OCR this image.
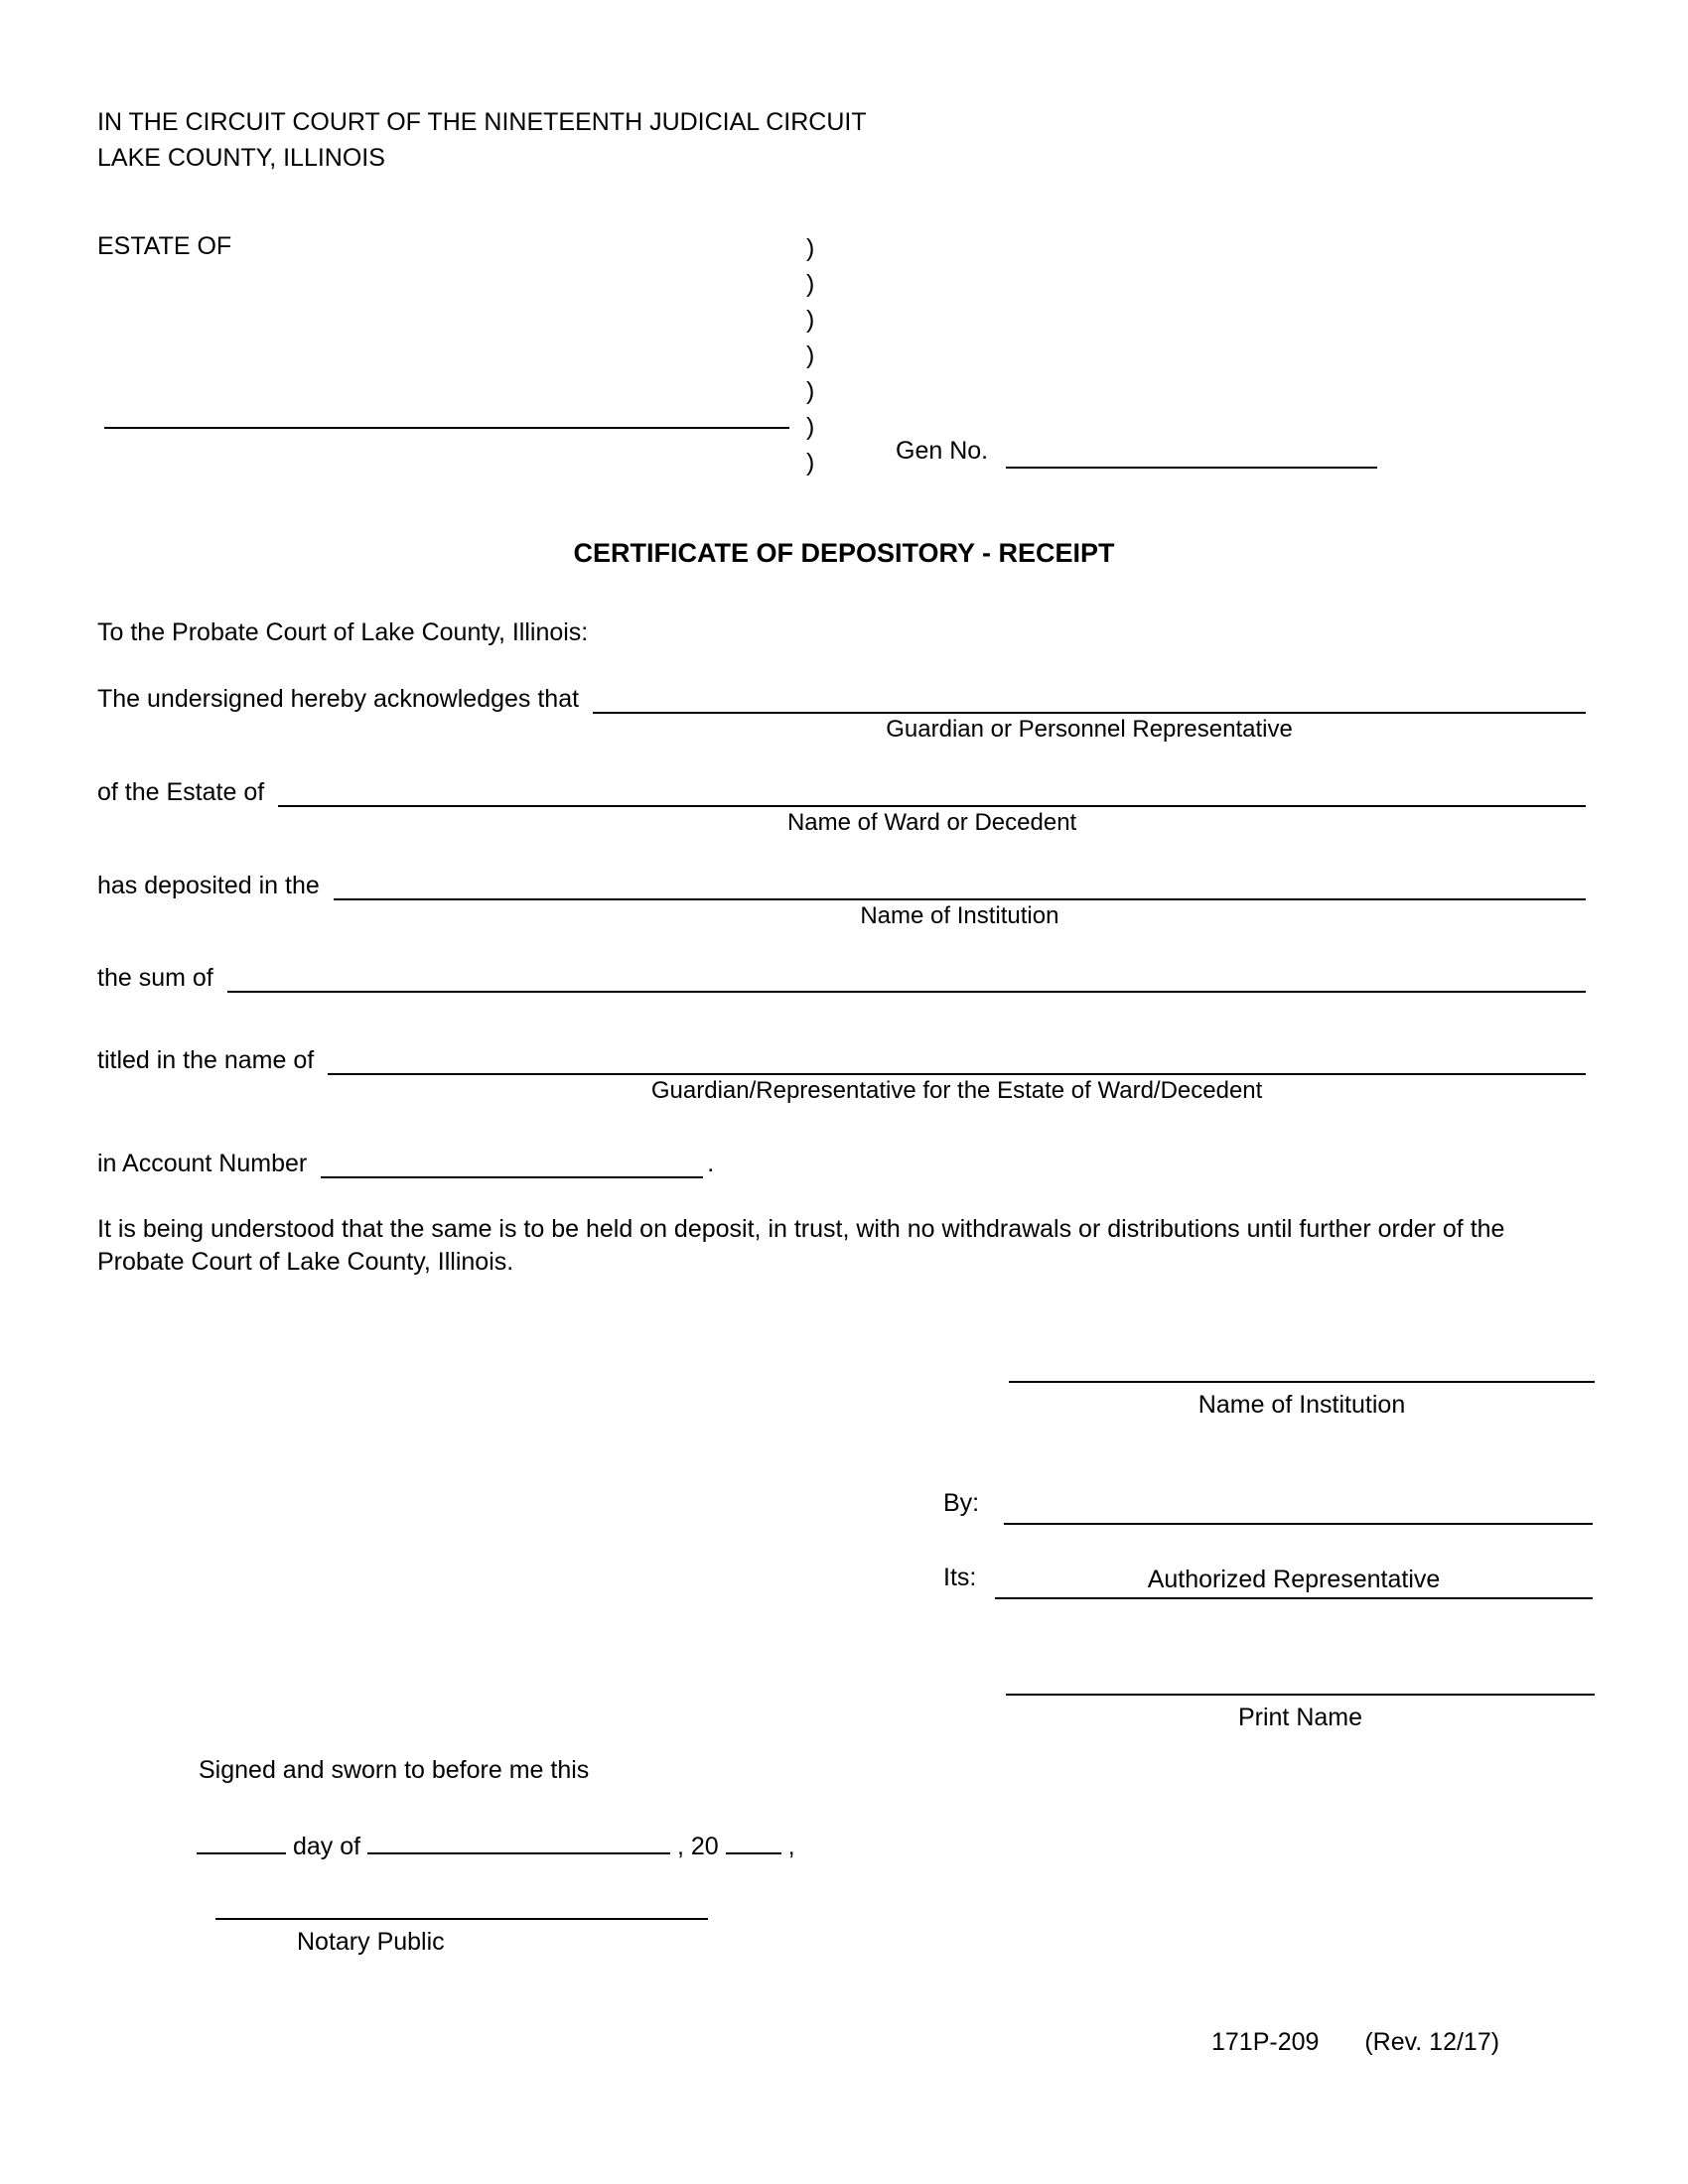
IN THE CIRCUIT COURT OF THE NINETEENTH JUDICIAL CIRCUIT
LAKE COUNTY, ILLINOIS
ESTATE OF	)
)
)
)
)
)
)	Gen No.
CERTIFICATE OF DEPOSITORY - RECEIPT
To the Probate Court of Lake County, Illinois:
The undersigned hereby acknowledges that
Guardian or Personnel Representative
of the Estate of
Name of Ward or Decedent
has deposited in the
Name of Institution
the sum of
titled in the name of
Guardian/Representative for the Estate of Ward/Decedent
in Account Number	.
It is being understood that the same is to be held on deposit, in trust, with no withdrawals or distributions until further order of the Probate Court of Lake County, Illinois.
Name of Institution
By:
Its:	Authorized Representative
Print Name
Signed and sworn to before me this
day of	, 20	,
Notary Public
171P-209 (Rev. 12/17)
